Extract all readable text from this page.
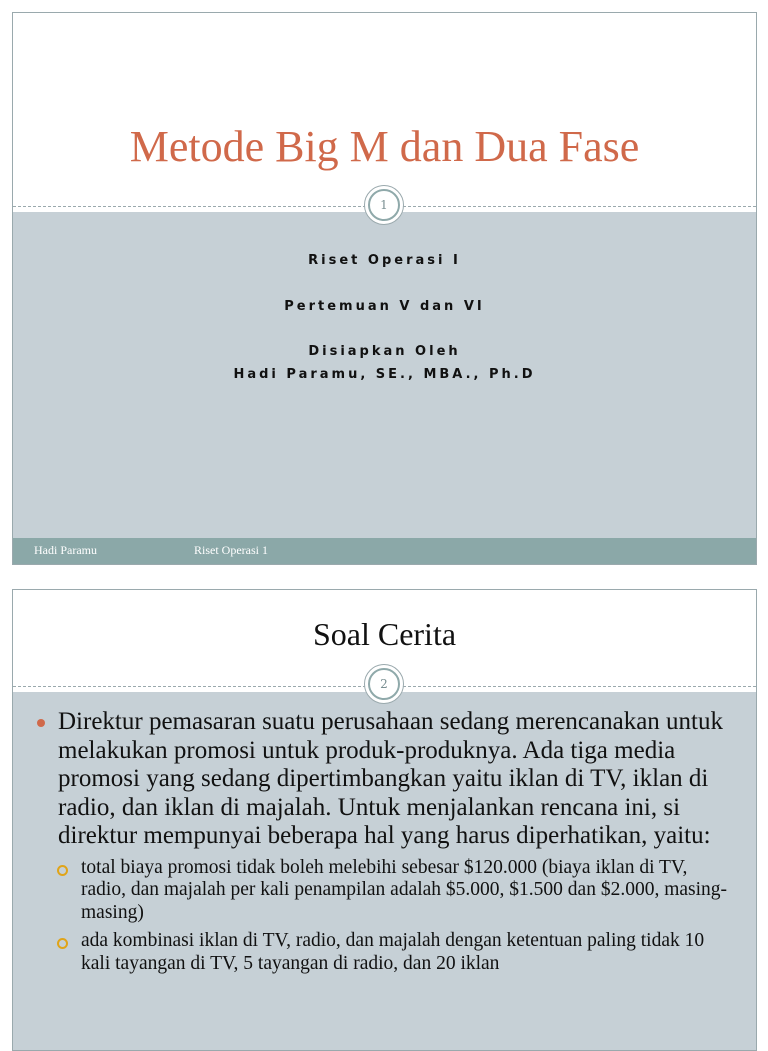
Metode Big M dan Dua Fase
Riset Operasi I
Pertemuan V dan VI
Disiapkan Oleh
Hadi Paramu, SE., MBA., Ph.D
1
Hadi Paramu	Riset Operasi 1
Soal Cerita
2
Direktur pemasaran suatu perusahaan sedang merencanakan untuk melakukan promosi untuk produk-produknya. Ada tiga media promosi yang sedang dipertimbangkan yaitu iklan di TV, iklan di radio, dan iklan di majalah. Untuk menjalankan rencana ini, si direktur mempunyai beberapa hal yang harus diperhatikan, yaitu:
total biaya promosi tidak boleh melebihi sebesar $120.000 (biaya iklan di TV, radio, dan majalah per kali penampilan adalah $5.000, $1.500 dan $2.000, masing-masing)
ada kombinasi iklan di TV, radio, dan majalah dengan ketentuan paling tidak 10 kali tayangan di TV, 5 tayangan di radio, dan 20 iklan
